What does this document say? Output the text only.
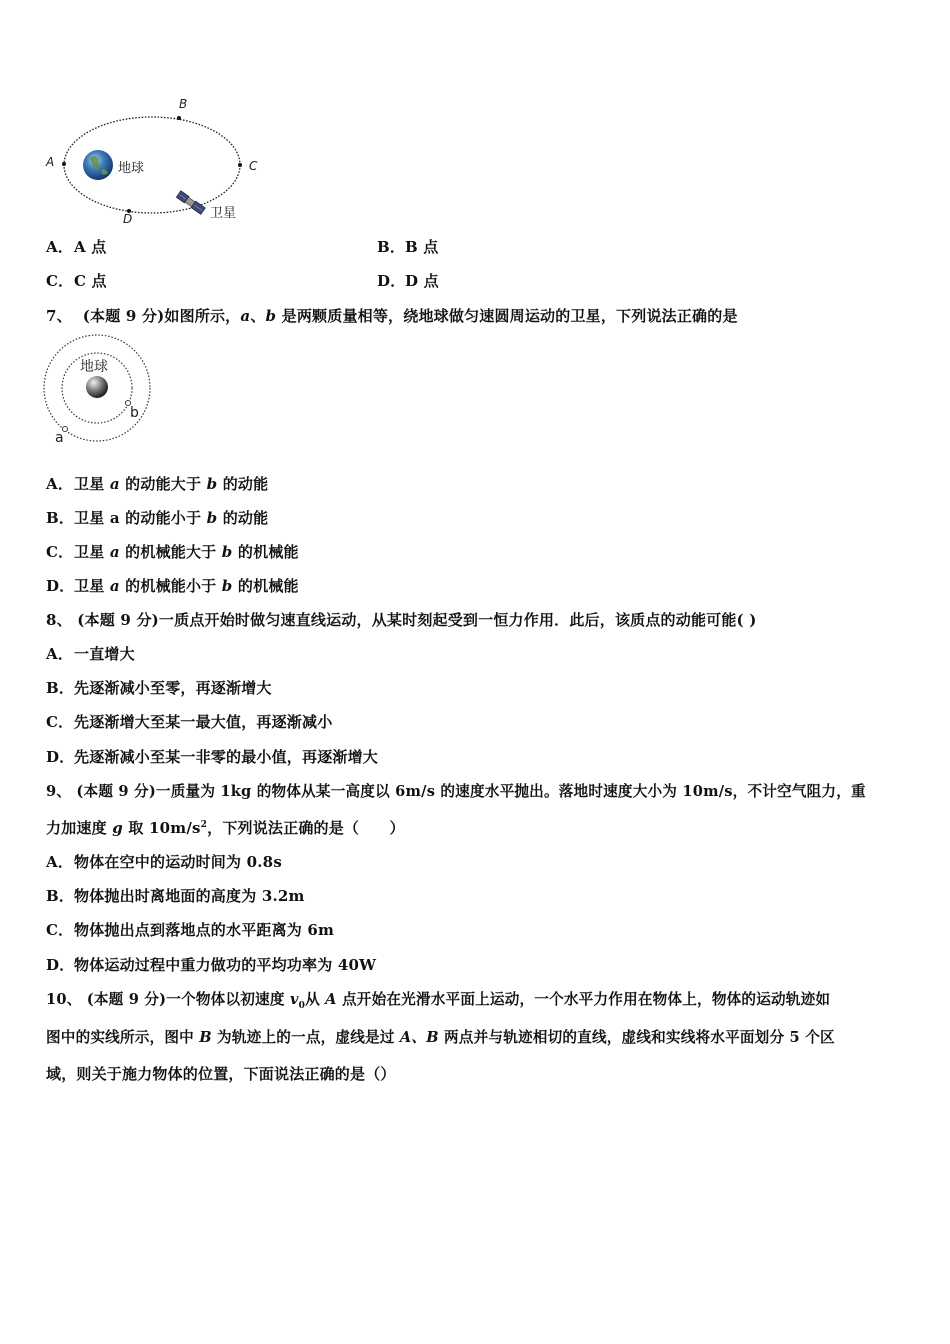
B
A	C
D
地球
卫星
A．A 点	B．B 点
C．C 点	D．D 点
7、 (本题 9 分)如图所示，a、b 是两颗质量相等，绕地球做匀速圆周运动的卫星，下列说法正确的是
地球
b
a
A．卫星 a 的动能大于 b 的动能
B．卫星 a 的动能小于 b 的动能
C．卫星 a 的机械能大于 b 的机械能
D．卫星 a 的机械能小于 b 的机械能
8、 (本题 9 分)一质点开始时做匀速直线运动，从某时刻起受到一恒力作用．此后，该质点的动能可能( )
A．一直增大
B．先逐渐减小至零，再逐渐增大
C．先逐渐增大至某一最大值，再逐渐减小
D．先逐渐减小至某一非零的最小值，再逐渐增大
9、 (本题 9 分)一质量为 1kg 的物体从某一高度以 6m/s 的速度水平抛出。落地时速度大小为 10m/s，不计空气阻力，重
力加速度 g 取 $10m/s^2$，下列说法正确的是（　　）
A．物体在空中的运动时间为 0.8s
B．物体抛出时离地面的高度为 3.2m
C．物体抛出点到落地点的水平距离为 6m
D．物体运动过程中重力做功的平均功率为 40W
10、 (本题 9 分)一个物体以初速度 $v_0$从 A 点开始在光滑水平面上运动，一个水平力作用在物体上，物体的运动轨迹如
图中的实线所示，图中 B 为轨迹上的一点，虚线是过 A、B 两点并与轨迹相切的直线，虚线和实线将水平面划分 5 个区
域，则关于施力物体的位置，下面说法正确的是（）
